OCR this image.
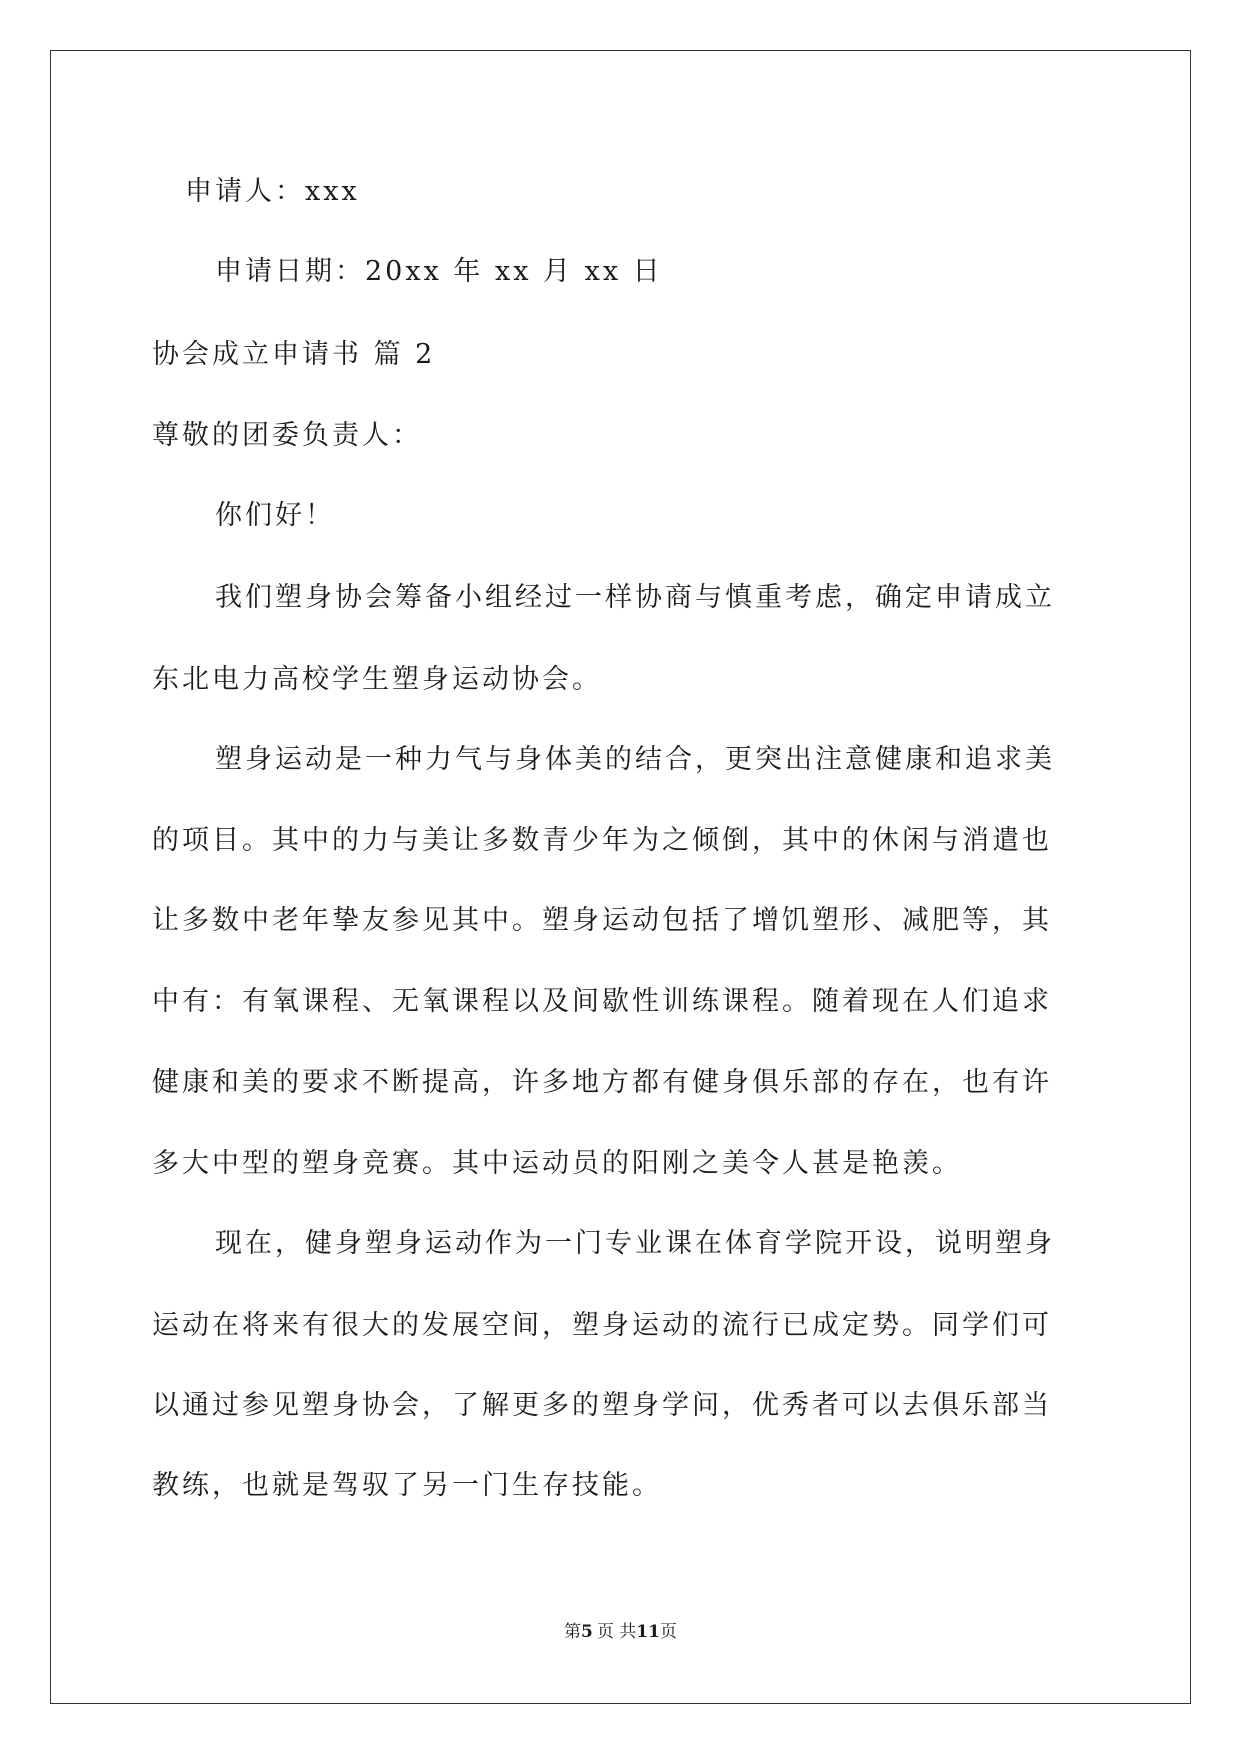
申请人：xxx
申请日期：20xx 年 xx 月 xx 日
协会成立申请书 篇 2
尊敬的团委负责人：
你们好！
我们塑身协会筹备小组经过一样协商与慎重考虑，确定申请成立
东北电力高校学生塑身运动协会。
塑身运动是一种力气与身体美的结合，更突出注意健康和追求美
的项目。其中的力与美让多数青少年为之倾倒，其中的休闲与消遣也
让多数中老年挚友参见其中。塑身运动包括了增饥塑形、减肥等，其
中有：有氧课程、无氧课程以及间歇性训练课程。随着现在人们追求
健康和美的要求不断提高，许多地方都有健身俱乐部的存在，也有许
多大中型的塑身竞赛。其中运动员的阳刚之美令人甚是艳羡。
现在，健身塑身运动作为一门专业课在体育学院开设，说明塑身
运动在将来有很大的发展空间，塑身运动的流行已成定势。同学们可
以通过参见塑身协会，了解更多的塑身学问，优秀者可以去俱乐部当
教练，也就是驾驭了另一门生存技能。
第5 页 共11页
